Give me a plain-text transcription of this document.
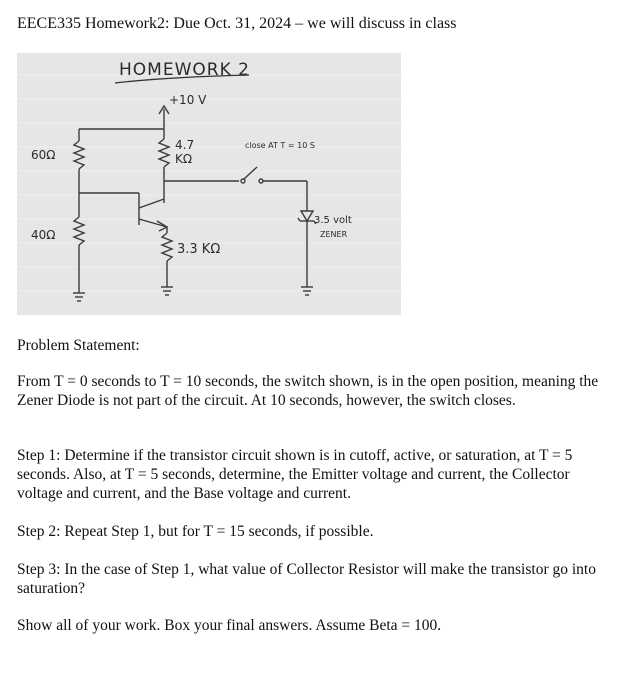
EECE335 Homework2: Due Oct. 31, 2024 – we will discuss in class
HOMEWORK 2
+10 V
60Ω
40Ω
4.7
KΩ
close AT T = 10 S
3.5 volt
ZENER
3.3 KΩ
Problem Statement:
From T = 0 seconds to T = 10 seconds, the switch shown, is in the open position, meaning the Zener Diode is not part of the circuit. At 10 seconds, however, the switch closes.
Step 1: Determine if the transistor circuit shown is in cutoff, active, or saturation, at T = 5 seconds. Also, at T = 5 seconds, determine, the Emitter voltage and current, the Collector voltage and current, and the Base voltage and current.
Step 2: Repeat Step 1, but for T = 15 seconds, if possible.
Step 3: In the case of Step 1, what value of Collector Resistor will make the transistor go into saturation?
Show all of your work. Box your final answers. Assume Beta = 100.
